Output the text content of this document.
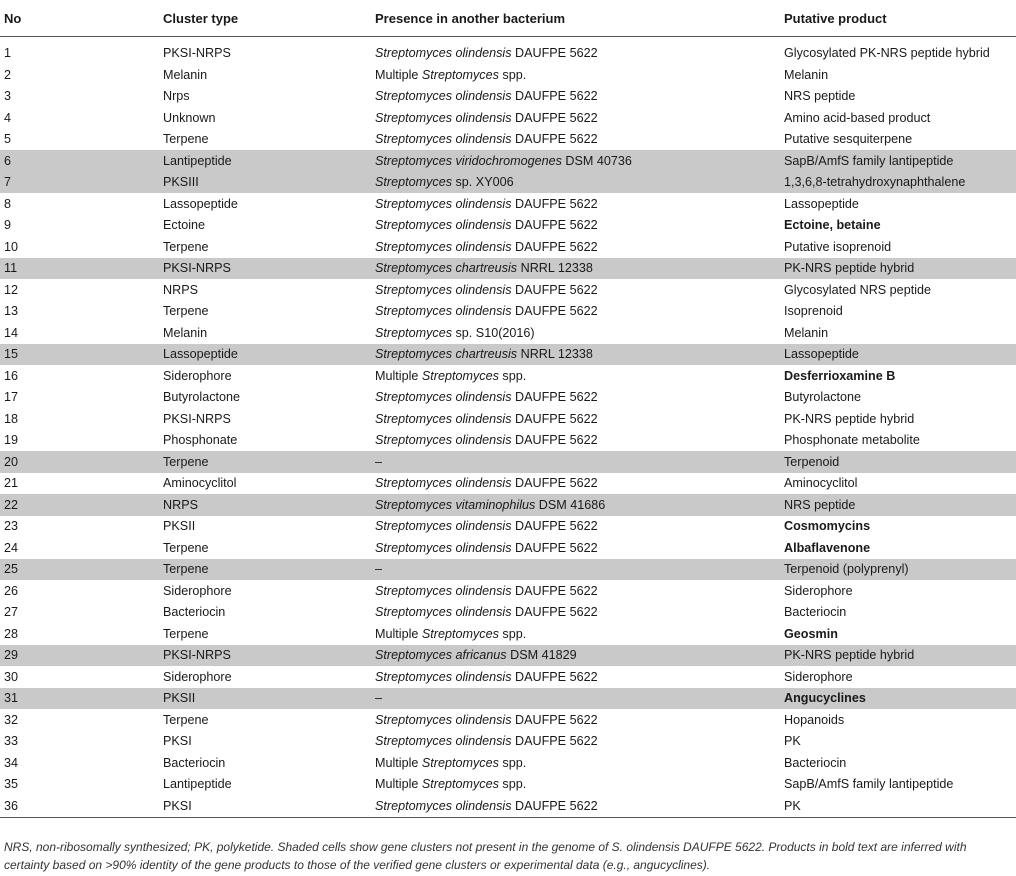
No	Cluster type	Presence in another bacterium	Putative product
1	PKSI-NRPS	Streptomyces olindensis DAUFPE 5622	Glycosylated PK-NRS peptide hybrid
2	Melanin	Multiple Streptomyces spp.	Melanin
3	Nrps	Streptomyces olindensis DAUFPE 5622	NRS peptide
4	Unknown	Streptomyces olindensis DAUFPE 5622	Amino acid-based product
5	Terpene	Streptomyces olindensis DAUFPE 5622	Putative sesquiterpene
6	Lantipeptide	Streptomyces viridochromogenes DSM 40736	SapB/AmfS family lantipeptide
7	PKSIII	Streptomyces sp. XY006	1,3,6,8-tetrahydroxynaphthalene
8	Lassopeptide	Streptomyces olindensis DAUFPE 5622	Lassopeptide
9	Ectoine	Streptomyces olindensis DAUFPE 5622	Ectoine, betaine
10	Terpene	Streptomyces olindensis DAUFPE 5622	Putative isoprenoid
11	PKSI-NRPS	Streptomyces chartreusis NRRL 12338	PK-NRS peptide hybrid
12	NRPS	Streptomyces olindensis DAUFPE 5622	Glycosylated NRS peptide
13	Terpene	Streptomyces olindensis DAUFPE 5622	Isoprenoid
14	Melanin	Streptomyces sp. S10(2016)	Melanin
15	Lassopeptide	Streptomyces chartreusis NRRL 12338	Lassopeptide
16	Siderophore	Multiple Streptomyces spp.	Desferrioxamine B
17	Butyrolactone	Streptomyces olindensis DAUFPE 5622	Butyrolactone
18	PKSI-NRPS	Streptomyces olindensis DAUFPE 5622	PK-NRS peptide hybrid
19	Phosphonate	Streptomyces olindensis DAUFPE 5622	Phosphonate metabolite
20	Terpene	–	Terpenoid
21	Aminocyclitol	Streptomyces olindensis DAUFPE 5622	Aminocyclitol
22	NRPS	Streptomyces vitaminophilus DSM 41686	NRS peptide
23	PKSII	Streptomyces olindensis DAUFPE 5622	Cosmomycins
24	Terpene	Streptomyces olindensis DAUFPE 5622	Albaflavenone
25	Terpene	–	Terpenoid (polyprenyl)
26	Siderophore	Streptomyces olindensis DAUFPE 5622	Siderophore
27	Bacteriocin	Streptomyces olindensis DAUFPE 5622	Bacteriocin
28	Terpene	Multiple Streptomyces spp.	Geosmin
29	PKSI-NRPS	Streptomyces africanus DSM 41829	PK-NRS peptide hybrid
30	Siderophore	Streptomyces olindensis DAUFPE 5622	Siderophore
31	PKSII	–	Angucyclines
32	Terpene	Streptomyces olindensis DAUFPE 5622	Hopanoids
33	PKSI	Streptomyces olindensis DAUFPE 5622	PK
34	Bacteriocin	Multiple Streptomyces spp.	Bacteriocin
35	Lantipeptide	Multiple Streptomyces spp.	SapB/AmfS family lantipeptide
36	PKSI	Streptomyces olindensis DAUFPE 5622	PK
NRS, non-ribosomally synthesized; PK, polyketide. Shaded cells show gene clusters not present in the genome of S. olindensis DAUFPE 5622. Products in bold text are inferred with certainty based on >90% identity of the gene products to those of the verified gene clusters or experimental data (e.g., angucyclines).
